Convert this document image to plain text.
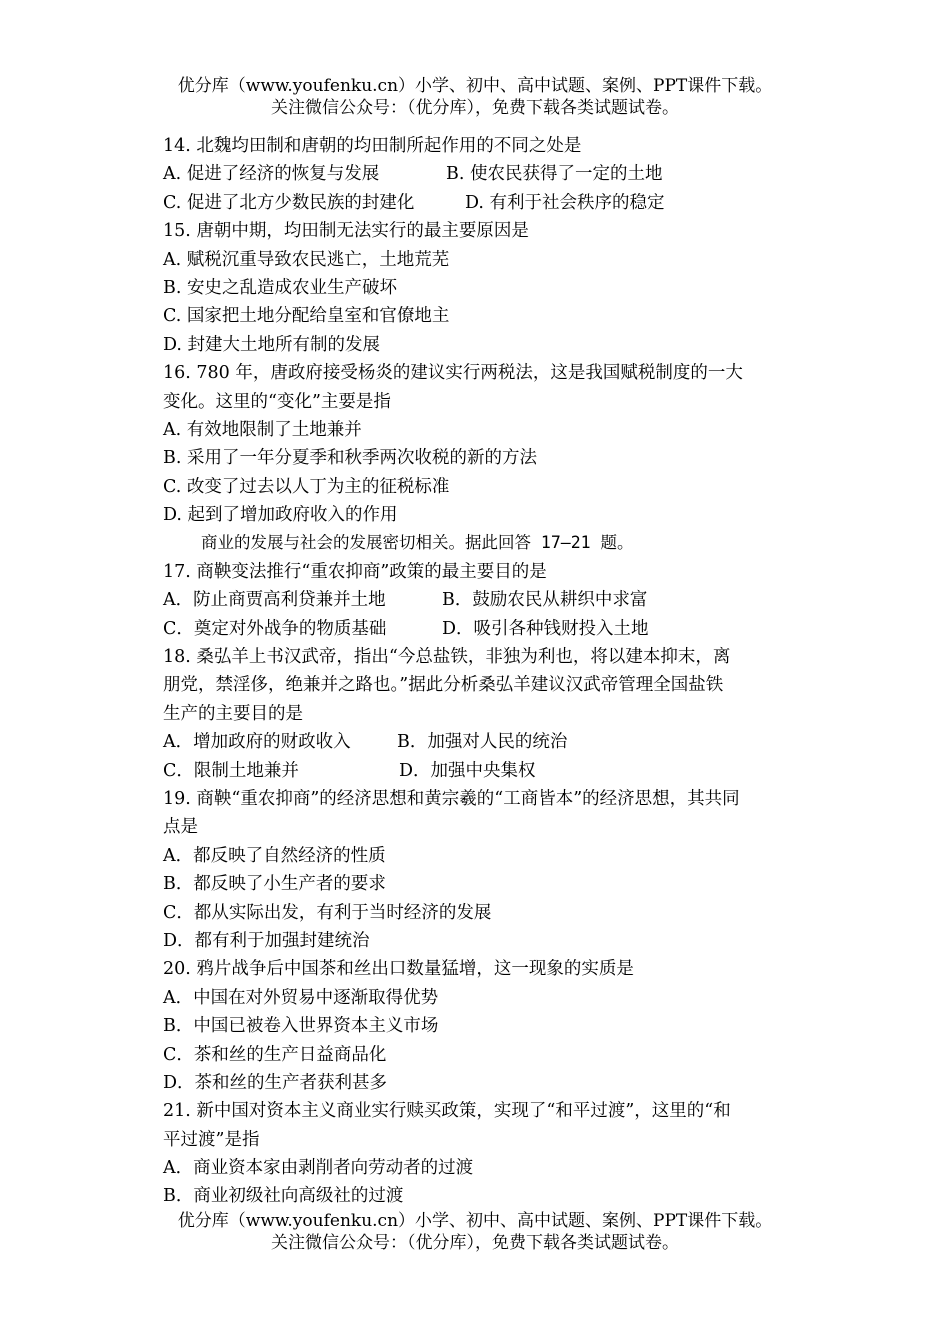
优分库（www.youfenku.cn）小学、初中、高中试题、案例、PPT课件下载。
关注微信公众号：（优分库），免费下载各类试题试卷。
14. 北魏均田制和唐朝的均田制所起作用的不同之处是
A. 促进了经济的恢复与发展	B. 使农民获得了一定的土地
C. 促进了北方少数民族的封建化	D. 有利于社会秩序的稳定
15. 唐朝中期，均田制无法实行的最主要原因是
A. 赋税沉重导致农民逃亡，土地荒芜
B. 安史之乱造成农业生产破坏
C. 国家把土地分配给皇室和官僚地主
D. 封建大土地所有制的发展
16. 780 年，唐政府接受杨炎的建议实行两税法，这是我国赋税制度的一大
变化。这里的“变化”主要是指
A. 有效地限制了土地兼并
B. 采用了一年分夏季和秋季两次收税的新的方法
C. 改变了过去以人丁为主的征税标准
D. 起到了增加政府收入的作用
商业的发展与社会的发展密切相关。据此回答 17—21 题。
17. 商鞅变法推行“重农抑商”政策的最主要目的是
A．防止商贾高利贷兼并土地	B．鼓励农民从耕织中求富
C．奠定对外战争的物质基础	D．吸引各种钱财投入土地
18. 桑弘羊上书汉武帝，指出“今总盐铁，非独为利也，将以建本抑末，离
朋党，禁淫侈，绝兼并之路也。”据此分析桑弘羊建议汉武帝管理全国盐铁
生产的主要目的是
A．增加政府的财政收入	B．加强对人民的统治
C．限制土地兼并	D．加强中央集权
19. 商鞅“重农抑商”的经济思想和黄宗羲的“工商皆本”的经济思想，其共同
点是
A．都反映了自然经济的性质
B．都反映了小生产者的要求
C．都从实际出发，有利于当时经济的发展
D．都有利于加强封建统治
20. 鸦片战争后中国茶和丝出口数量猛增，这一现象的实质是
A．中国在对外贸易中逐渐取得优势
B．中国已被卷入世界资本主义市场
C．茶和丝的生产日益商品化
D．茶和丝的生产者获利甚多
21. 新中国对资本主义商业实行赎买政策，实现了“和平过渡”，这里的“和
平过渡”是指
A．商业资本家由剥削者向劳动者的过渡
B．商业初级社向高级社的过渡
优分库（www.youfenku.cn）小学、初中、高中试题、案例、PPT课件下载。
关注微信公众号：（优分库），免费下载各类试题试卷。
